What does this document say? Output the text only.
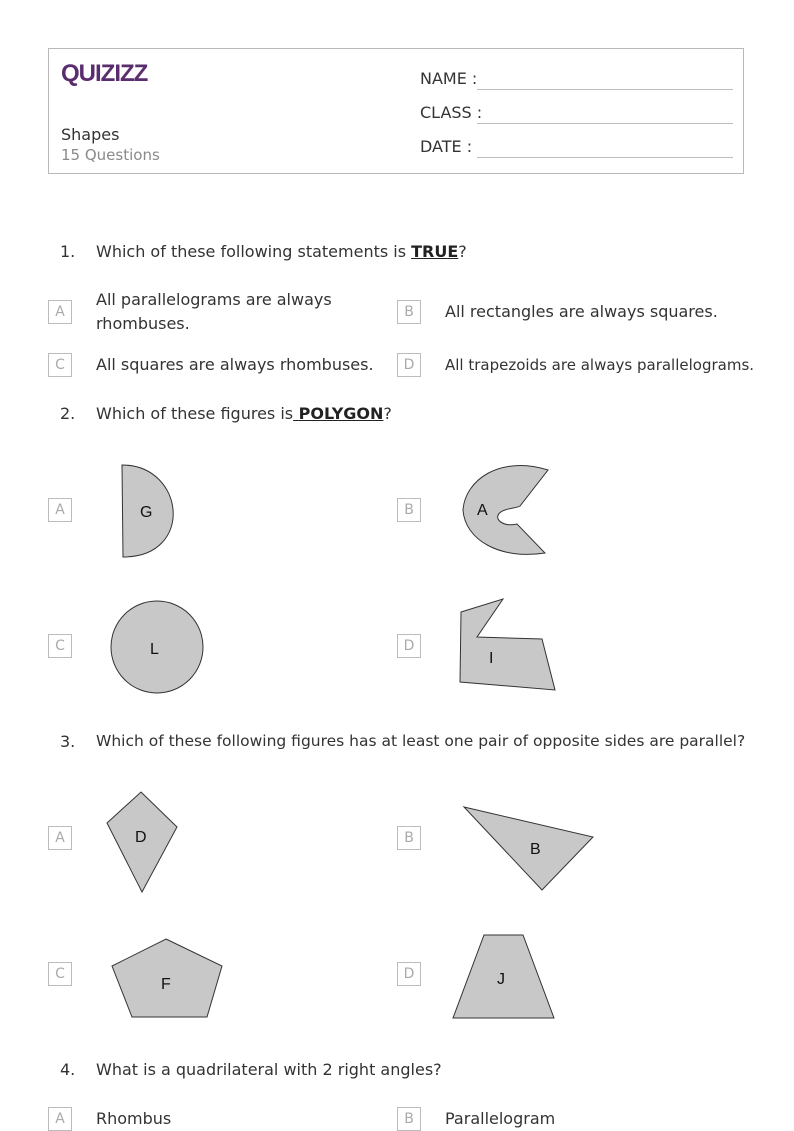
QUIZIZZ
Shapes
15 Questions
NAME :
CLASS :
DATE :
1. Which of these following statements is TRUE?
A
All parallelograms are always rhombuses.
B	All rectangles are always squares.
C	All squares are always rhombuses.	D	All trapezoids are always parallelograms.
2. Which of these figures is POLYGON?
A	G	B	A
C	L	D
I
3. Which of these following figures has at least one pair of opposite sides are parallel?
A	D	B
B
C
F
D	J
4. What is a quadrilateral with 2 right angles?
A	Rhombus	B	Parallelogram
